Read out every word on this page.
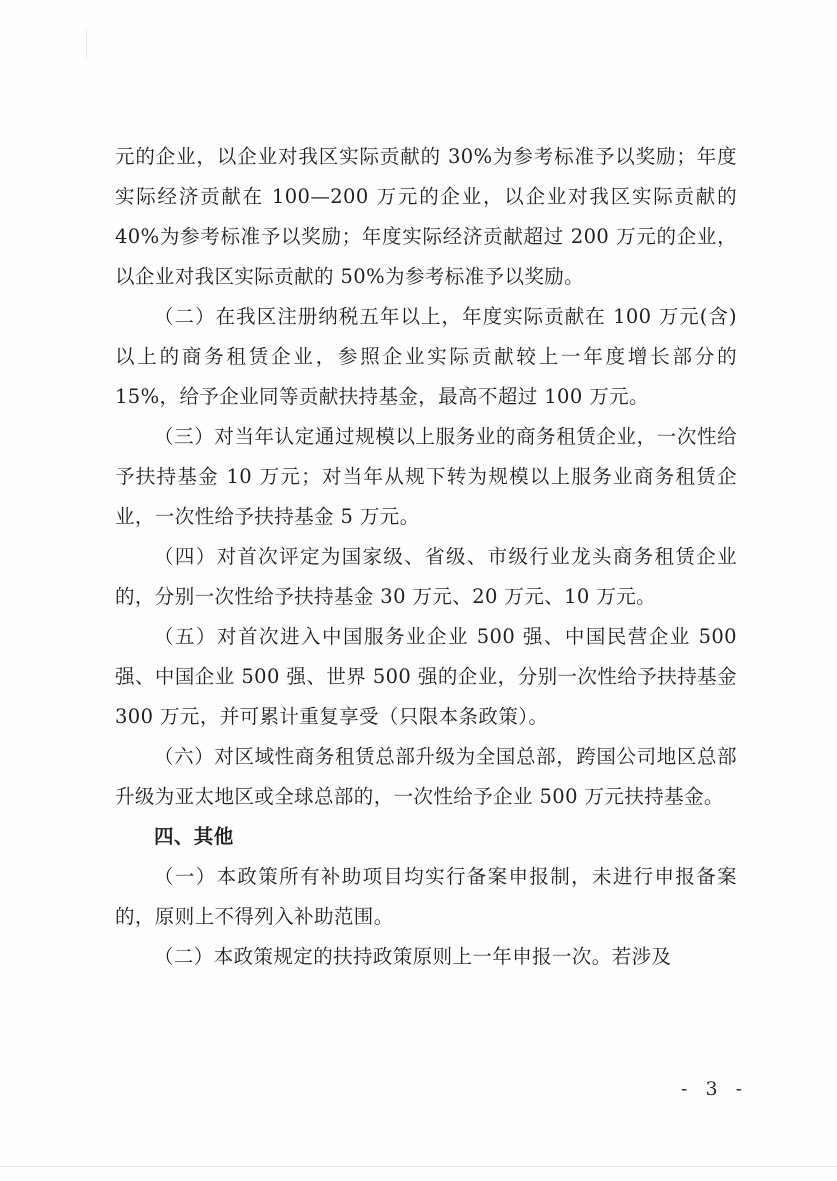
元的企业，以企业对我区实际贡献的 30%为参考标准予以奖励；年度实际经济贡献在 100—200 万元的企业，以企业对我区实际贡献的 40%为参考标准予以奖励；年度实际经济贡献超过 200 万元的企业，以企业对我区实际贡献的 50%为参考标准予以奖励。

（二）在我区注册纳税五年以上，年度实际贡献在 100 万元(含)以上的商务租赁企业，参照企业实际贡献较上一年度增长部分的 15%，给予企业同等贡献扶持基金，最高不超过 100 万元。

（三）对当年认定通过规模以上服务业的商务租赁企业，一次性给予扶持基金 10 万元；对当年从规下转为规模以上服务业商务租赁企业，一次性给予扶持基金 5 万元。

（四）对首次评定为国家级、省级、市级行业龙头商务租赁企业的，分别一次性给予扶持基金 30 万元、20 万元、10 万元。

（五）对首次进入中国服务业企业 500 强、中国民营企业 500 强、中国企业 500 强、世界 500 强的企业，分别一次性给予扶持基金 300 万元，并可累计重复享受（只限本条政策）。

（六）对区域性商务租赁总部升级为全国总部，跨国公司地区总部升级为亚太地区或全球总部的，一次性给予企业 500 万元扶持基金。

四、其他

（一）本政策所有补助项目均实行备案申报制，未进行申报备案的，原则上不得列入补助范围。

（二）本政策规定的扶持政策原则上一年申报一次。若涉及

- 3 -
